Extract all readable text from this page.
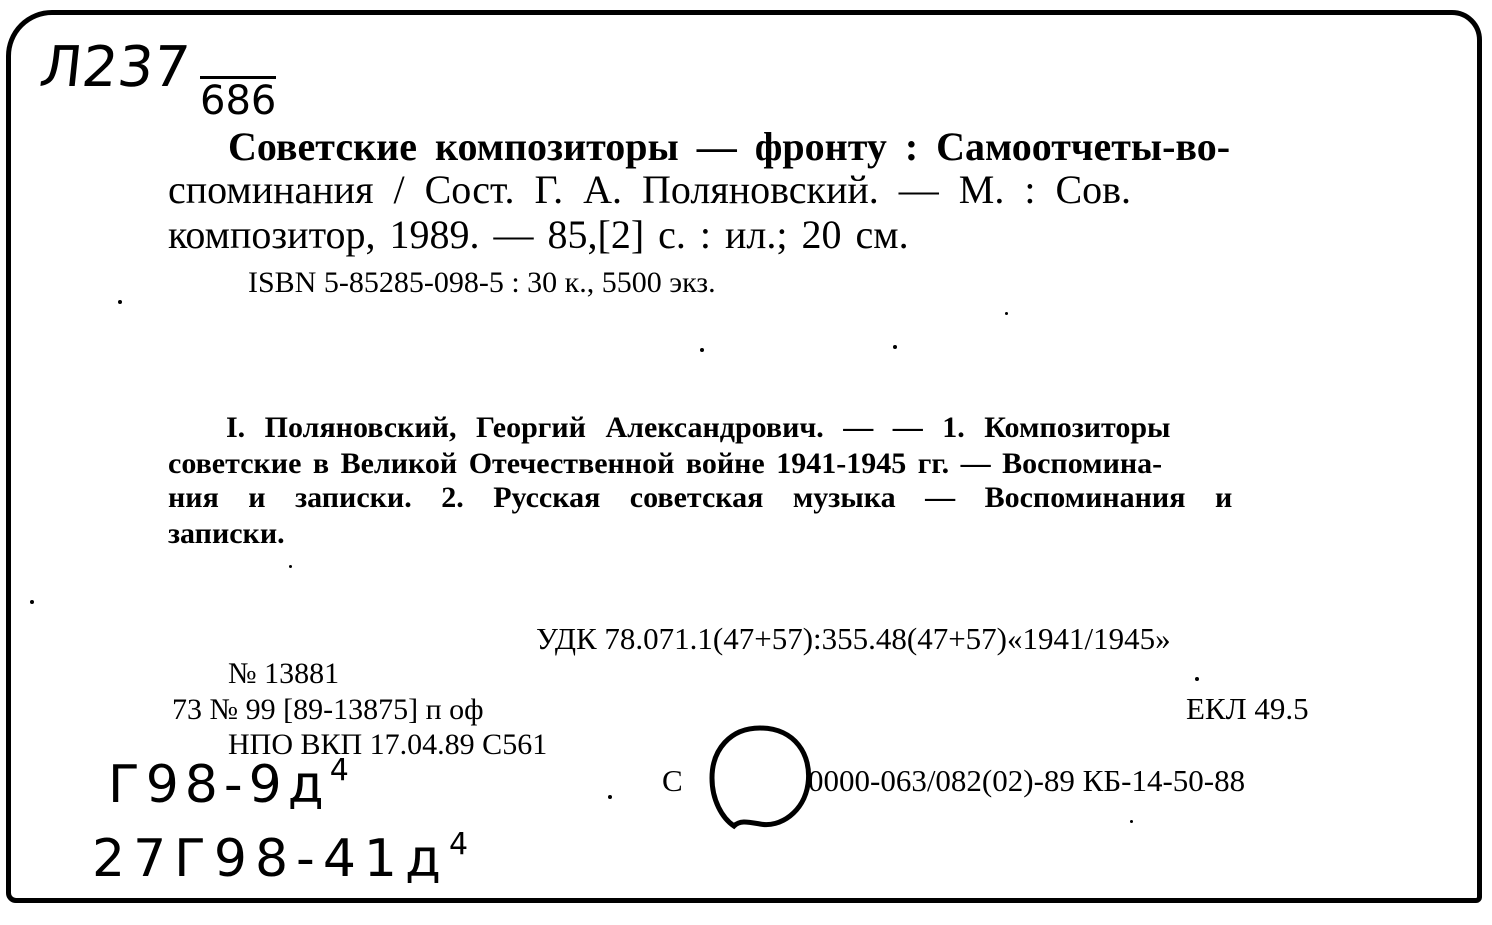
Л237
686
Советские композиторы — фронту : Самоотчеты-во-
споминания / Сост. Г. А. Поляновский. — М. : Сов.
композитор, 1989. — 85,[2] с. : ил.; 20 см.
ISBN 5-85285-098-5 : 30 к., 5500 экз.
I. Поляновский, Георгий Александрович. — — 1. Композиторы
советские в Великой Отечественной войне 1941-1945 гг. — Воспомина-
ния и записки. 2. Русская советская музыка — Воспоминания и
записки.
УДК 78.071.1(47+57):355.48(47+57)«1941/1945»
№ 13881
73 № 99 [89-13875] п оф	ЕКЛ 49.5
НПО ВКП 17.04.89 С561
С	0000-063/082(02)-89 КБ-14-50-88
$Г98-9д^4$
$27Г98-41д^4$
